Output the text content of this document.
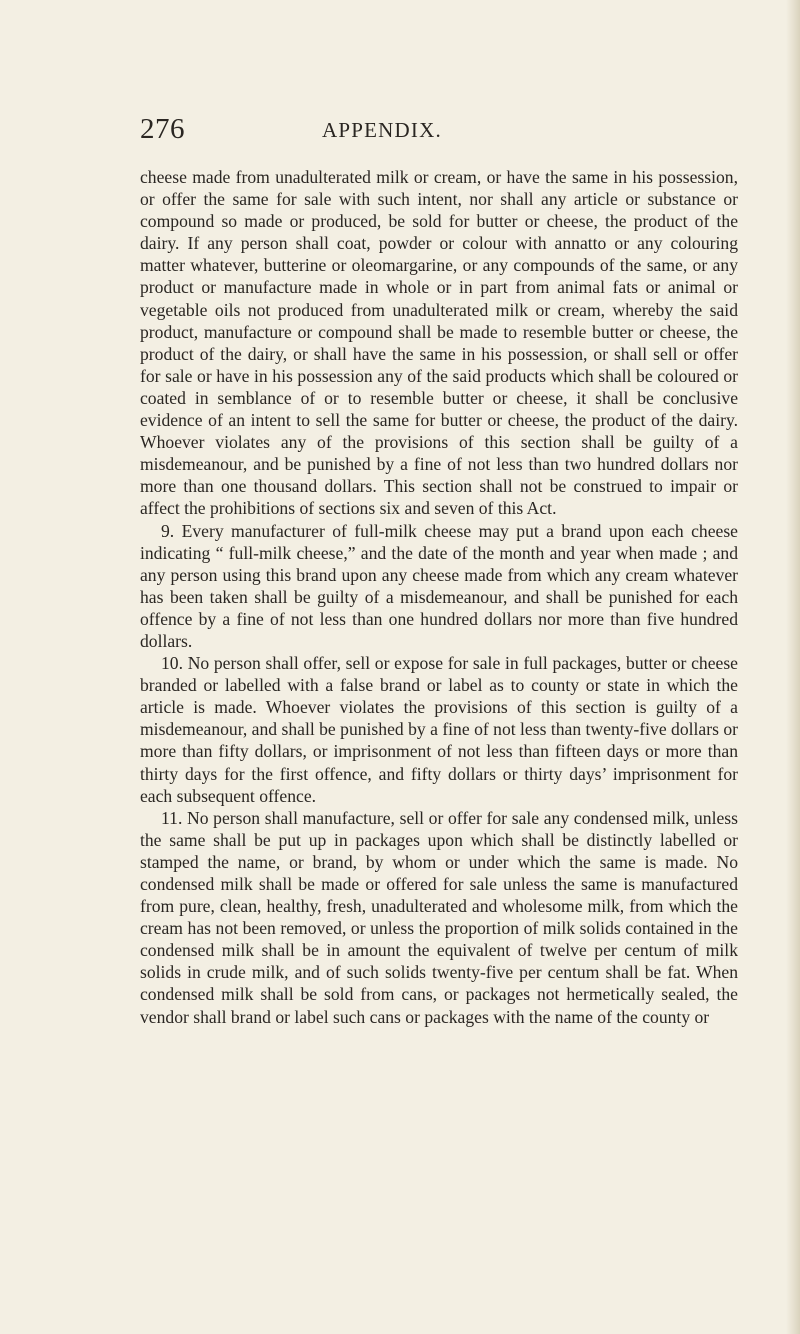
276	APPENDIX.

cheese made from unadulterated milk or cream, or have the same in his possession, or offer the same for sale with such intent, nor shall any article or substance or compound so made or produced, be sold for butter or cheese, the product of the dairy. If any person shall coat, powder or colour with annatto or any colouring matter whatever, butterine or oleomargarine, or any compounds of the same, or any product or manufacture made in whole or in part from animal fats or animal or vegetable oils not produced from unadulterated milk or cream, whereby the said product, manufacture or compound shall be made to resemble butter or cheese, the product of the dairy, or shall have the same in his possession, or shall sell or offer for sale or have in his possession any of the said products which shall be coloured or coated in semblance of or to resemble butter or cheese, it shall be conclusive evidence of an intent to sell the same for butter or cheese, the product of the dairy. Whoever violates any of the provisions of this section shall be guilty of a misdemeanour, and be punished by a fine of not less than two hundred dollars nor more than one thousand dollars. This section shall not be construed to impair or affect the prohibitions of sections six and seven of this Act.

9. Every manufacturer of full-milk cheese may put a brand upon each cheese indicating “ full-milk cheese,” and the date of the month and year when made ; and any person using this brand upon any cheese made from which any cream whatever has been taken shall be guilty of a misdemeanour, and shall be punished for each offence by a fine of not less than one hundred dollars nor more than five hundred dollars.

10. No person shall offer, sell or expose for sale in full packages, butter or cheese branded or labelled with a false brand or label as to county or state in which the article is made. Whoever violates the provisions of this section is guilty of a misdemeanour, and shall be punished by a fine of not less than twenty-five dollars or more than fifty dollars, or imprisonment of not less than fifteen days or more than thirty days for the first offence, and fifty dollars or thirty days’ imprisonment for each subsequent offence.

11. No person shall manufacture, sell or offer for sale any condensed milk, unless the same shall be put up in packages upon which shall be distinctly labelled or stamped the name, or brand, by whom or under which the same is made. No condensed milk shall be made or offered for sale unless the same is manufactured from pure, clean, healthy, fresh, unadulterated and wholesome milk, from which the cream has not been removed, or unless the proportion of milk solids contained in the condensed milk shall be in amount the equivalent of twelve per centum of milk solids in crude milk, and of such solids twenty-five per centum shall be fat. When condensed milk shall be sold from cans, or packages not hermetically sealed, the vendor shall brand or label such cans or packages with the name of the county or
